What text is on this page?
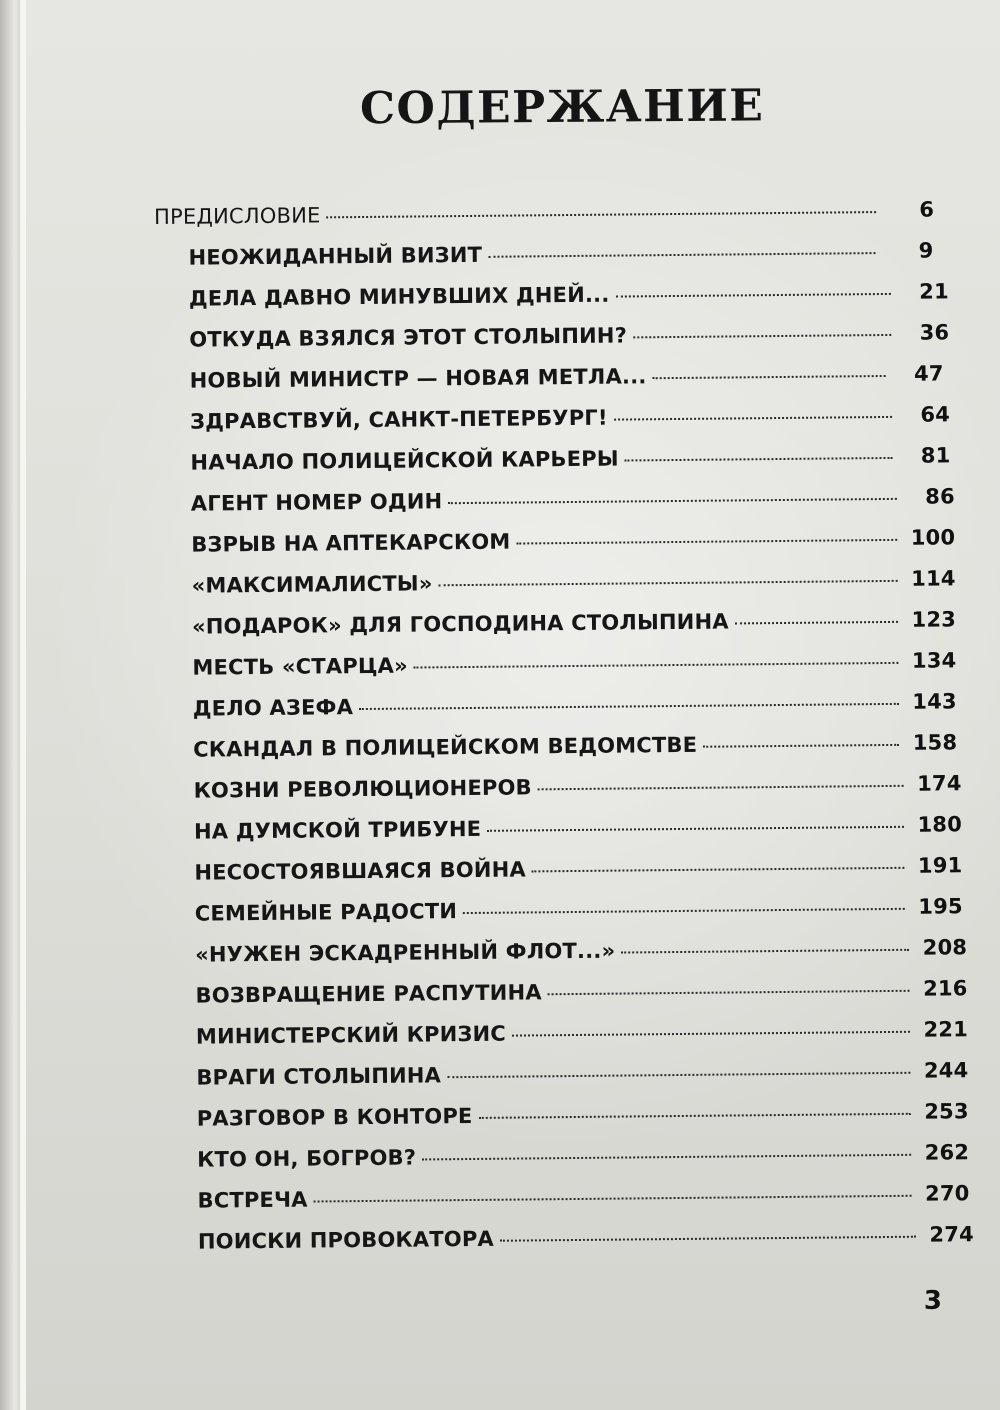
СОДЕРЖАНИЕ
ПРЕДИСЛОВИЕ	6
НЕОЖИДАННЫЙ ВИЗИТ	9
ДЕЛА ДАВНО МИНУВШИХ ДНЕЙ...	21
ОТКУДА ВЗЯЛСЯ ЭТОТ СТОЛЫПИН?	36
НОВЫЙ МИНИСТР — НОВАЯ МЕТЛА...	47
ЗДРАВСТВУЙ, САНКТ-ПЕТЕРБУРГ!	64
НАЧАЛО ПОЛИЦЕЙСКОЙ КАРЬЕРЫ	81
АГЕНТ НОМЕР ОДИН	86
ВЗРЫВ НА АПТЕКАРСКОМ	100
«МАКСИМАЛИСТЫ»	114
«ПОДАРОК» ДЛЯ ГОСПОДИНА СТОЛЫПИНА	123
МЕСТЬ «СТАРЦА»	134
ДЕЛО АЗЕФА	143
СКАНДАЛ В ПОЛИЦЕЙСКОМ ВЕДОМСТВЕ	158
КОЗНИ РЕВОЛЮЦИОНЕРОВ	174
НА ДУМСКОЙ ТРИБУНЕ	180
НЕСОСТОЯВШАЯСЯ ВОЙНА	191
СЕМЕЙНЫЕ РАДОСТИ	195
«НУЖЕН ЭСКАДРЕННЫЙ ФЛОТ...»	208
ВОЗВРАЩЕНИЕ РАСПУТИНА	216
МИНИСТЕРСКИЙ КРИЗИС	221
ВРАГИ СТОЛЫПИНА	244
РАЗГОВОР В КОНТОРЕ	253
КТО ОН, БОГРОВ?	262
ВСТРЕЧА	270
ПОИСКИ ПРОВОКАТОРА	274
3
